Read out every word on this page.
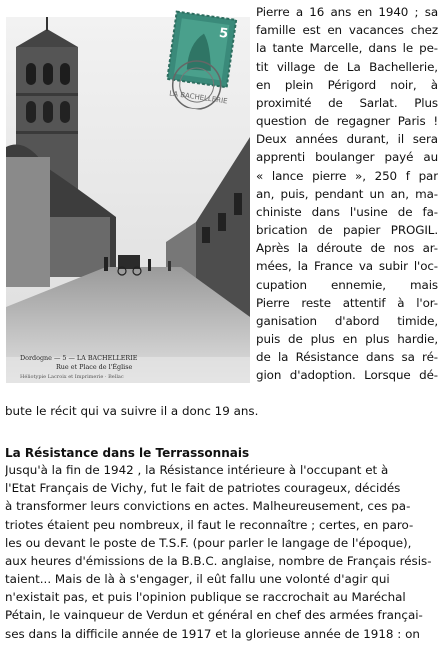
Dordogne — 5 — LA BACHELLERIE
Rue et Place de l'Église
Héliotypie Lacroix et Imprimerie · Bellac
5
LA BACHELLERIE
Pierre a 16 ans en 1940 ; sa
famille est en vacances chez
la tante Marcelle, dans le pe-
tit village de La Bachellerie,
en plein Périgord noir, à
proximité de Sarlat. Plus
question de regagner Paris !
Deux années durant, il sera
apprenti boulanger payé au
« lance pierre », 250 f par
an, puis, pendant un an, ma-
chiniste dans l'usine de fa-
brication de papier PROGIL.
Après la déroute de nos ar-
mées, la France va subir l'oc-
cupation ennemie, mais
Pierre reste attentif à l'or-
ganisation d'abord timide,
puis de plus en plus hardie,
de la Résistance dans sa ré-
gion d'adoption. Lorsque dé-
bute le récit qui va suivre il a donc 19 ans.
La Résistance dans le Terrassonnais
Jusqu'à la fin de 1942 , la Résistance intérieure à l'occupant et à
l'Etat Français de Vichy, fut le fait de patriotes courageux, décidés
à transformer leurs convictions en actes. Malheureusement, ces pa-
triotes étaient peu nombreux, il faut le reconnaître ; certes, en paro-
les ou devant le poste de T.S.F. (pour parler le langage de l'époque),
aux heures d'émissions de la B.B.C. anglaise, nombre de Français résis-
taient... Mais de là à s'engager, il eût fallu une volonté d'agir qui
n'existait pas, et puis l'opinion publique se raccrochait au Maréchal
Pétain, le vainqueur de Verdun et général en chef des armées françai-
ses dans la difficile année de 1917 et la glorieuse année de 1918 : on
